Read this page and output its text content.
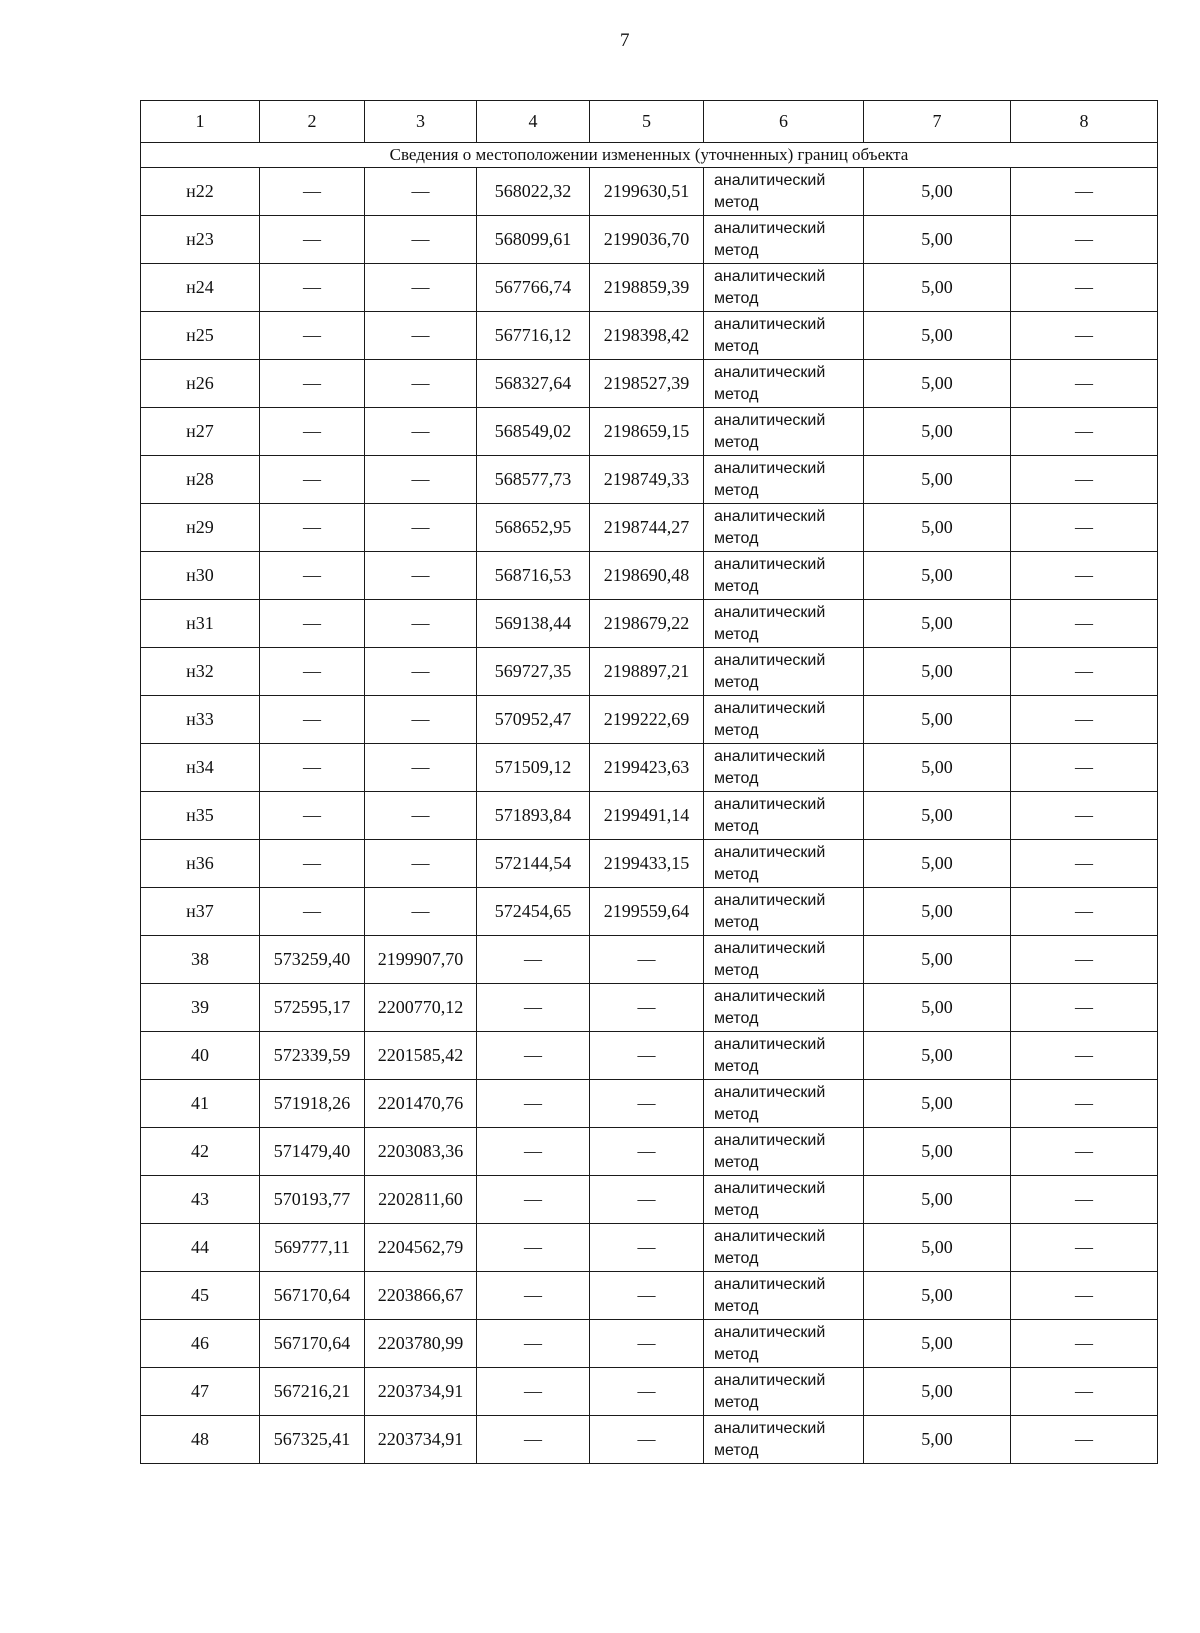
7
1	2	3	4	5	6	7	8
Сведения о местоположении измененных (уточненных) границ объекта							
н22	—	—	568022,32	2199630,51	аналитический
метод	5,00	—
н23	—	—	568099,61	2199036,70	аналитический
метод	5,00	—
н24	—	—	567766,74	2198859,39	аналитический
метод	5,00	—
н25	—	—	567716,12	2198398,42	аналитический
метод	5,00	—
н26	—	—	568327,64	2198527,39	аналитический
метод	5,00	—
н27	—	—	568549,02	2198659,15	аналитический
метод	5,00	—
н28	—	—	568577,73	2198749,33	аналитический
метод	5,00	—
н29	—	—	568652,95	2198744,27	аналитический
метод	5,00	—
н30	—	—	568716,53	2198690,48	аналитический
метод	5,00	—
н31	—	—	569138,44	2198679,22	аналитический
метод	5,00	—
н32	—	—	569727,35	2198897,21	аналитический
метод	5,00	—
н33	—	—	570952,47	2199222,69	аналитический
метод	5,00	—
н34	—	—	571509,12	2199423,63	аналитический
метод	5,00	—
н35	—	—	571893,84	2199491,14	аналитический
метод	5,00	—
н36	—	—	572144,54	2199433,15	аналитический
метод	5,00	—
н37	—	—	572454,65	2199559,64	аналитический
метод	5,00	—
38	573259,40	2199907,70	—	—	аналитический
метод	5,00	—
39	572595,17	2200770,12	—	—	аналитический
метод	5,00	—
40	572339,59	2201585,42	—	—	аналитический
метод	5,00	—
41	571918,26	2201470,76	—	—	аналитический
метод	5,00	—
42	571479,40	2203083,36	—	—	аналитический
метод	5,00	—
43	570193,77	2202811,60	—	—	аналитический
метод	5,00	—
44	569777,11	2204562,79	—	—	аналитический
метод	5,00	—
45	567170,64	2203866,67	—	—	аналитический
метод	5,00	—
46	567170,64	2203780,99	—	—	аналитический
метод	5,00	—
47	567216,21	2203734,91	—	—	аналитический
метод	5,00	—
48	567325,41	2203734,91	—	—	аналитический
метод	5,00	—
